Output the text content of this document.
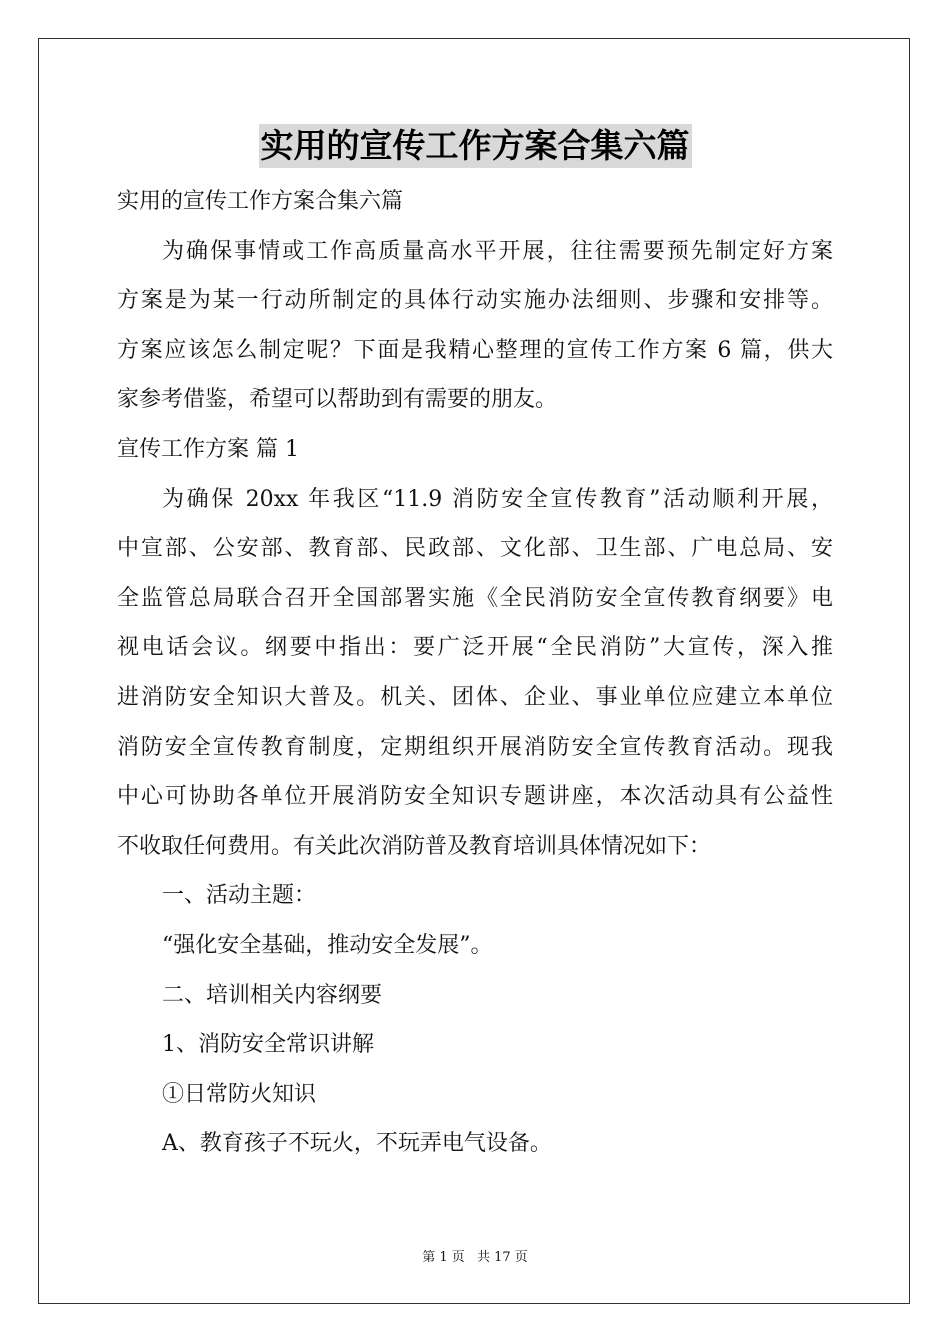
实用的宣传工作方案合集六篇

实用的宣传工作方案合集六篇

为确保事情或工作高质量高水平开展，往往需要预先制定好方案

方案是为某一行动所制定的具体行动实施办法细则、步骤和安排等。

方案应该怎么制定呢？下面是我精心整理的宣传工作方案 6 篇，供大

家参考借鉴，希望可以帮助到有需要的朋友。

宣传工作方案 篇 1

为确保 20xx 年我区“11.9 消防安全宣传教育”活动顺利开展，

中宣部、公安部、教育部、民政部、文化部、卫生部、广电总局、安

全监管总局联合召开全国部署实施《全民消防安全宣传教育纲要》电

视电话会议。纲要中指出：要广泛开展“全民消防”大宣传，深入推

进消防安全知识大普及。机关、团体、企业、事业单位应建立本单位

消防安全宣传教育制度，定期组织开展消防安全宣传教育活动。现我

中心可协助各单位开展消防安全知识专题讲座，本次活动具有公益性

不收取任何费用。有关此次消防普及教育培训具体情况如下：

一、活动主题：

“强化安全基础，推动安全发展”。

二、培训相关内容纲要

1、消防安全常识讲解

①日常防火知识

A、教育孩子不玩火，不玩弄电气设备。

第 1 页 共 17 页
